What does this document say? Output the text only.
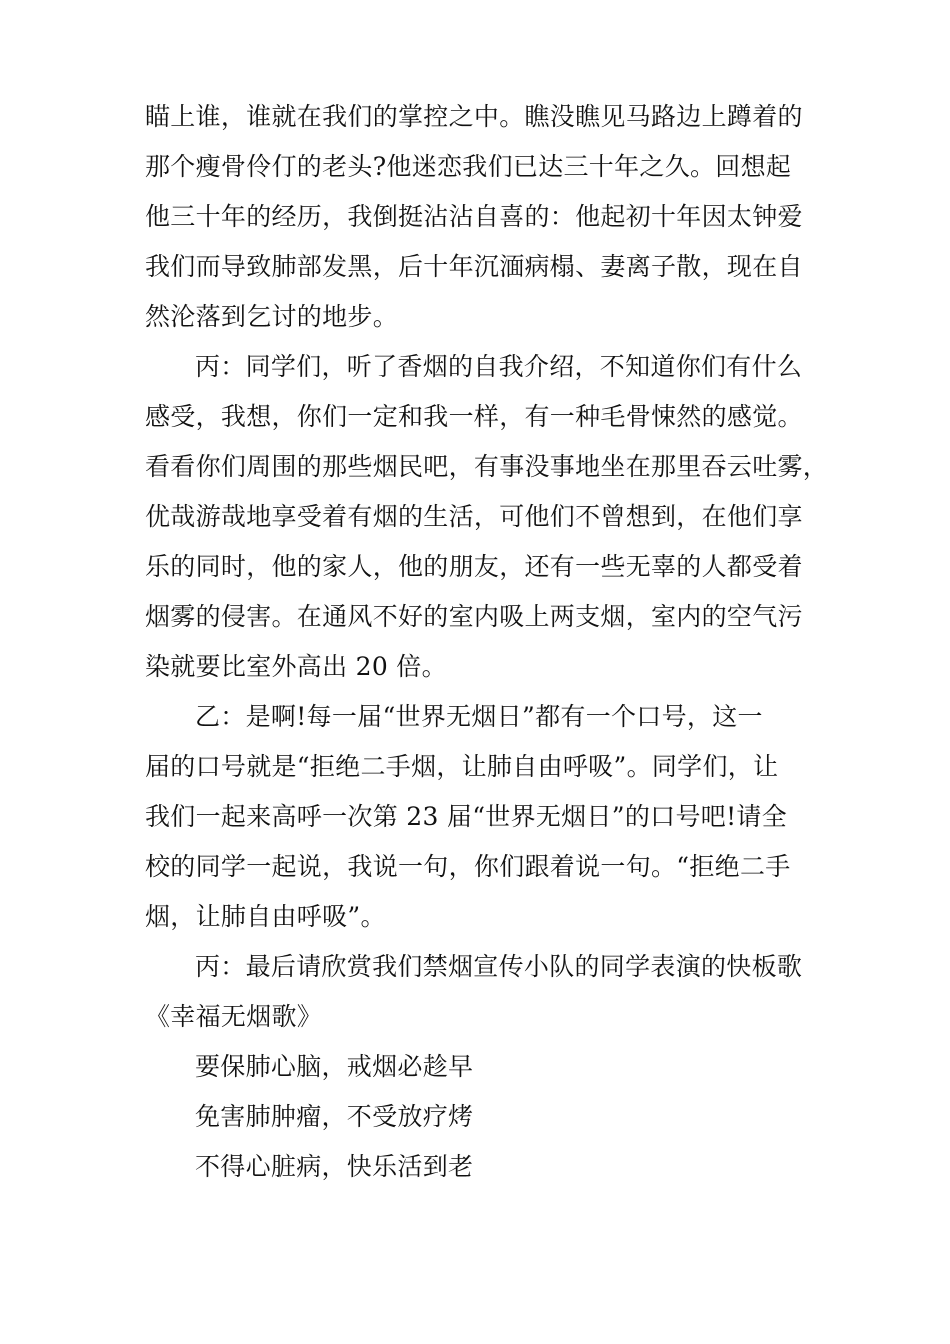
瞄上谁，谁就在我们的掌控之中。瞧没瞧见马路边上蹲着的

那个瘦骨伶仃的老头?他迷恋我们已达三十年之久。回想起

他三十年的经历，我倒挺沾沾自喜的：他起初十年因太钟爱

我们而导致肺部发黑，后十年沉湎病榻、妻离子散，现在自

然沦落到乞讨的地步。

丙：同学们，听了香烟的自我介绍，不知道你们有什么

感受，我想，你们一定和我一样，有一种毛骨悚然的感觉。

看看你们周围的那些烟民吧，有事没事地坐在那里吞云吐雾，

优哉游哉地享受着有烟的生活，可他们不曾想到，在他们享

乐的同时，他的家人，他的朋友，还有一些无辜的人都受着

烟雾的侵害。在通风不好的室内吸上两支烟，室内的空气污

染就要比室外高出 20 倍。

乙：是啊!每一届“世界无烟日”都有一个口号，这一

届的口号就是“拒绝二手烟，让肺自由呼吸”。同学们，让

我们一起来高呼一次第 23 届“世界无烟日”的口号吧!请全

校的同学一起说，我说一句，你们跟着说一句。“拒绝二手

烟，让肺自由呼吸”。

丙：最后请欣赏我们禁烟宣传小队的同学表演的快板歌

《幸福无烟歌》

要保肺心脑，戒烟必趁早

免害肺肿瘤，不受放疗烤

不得心脏病，快乐活到老
